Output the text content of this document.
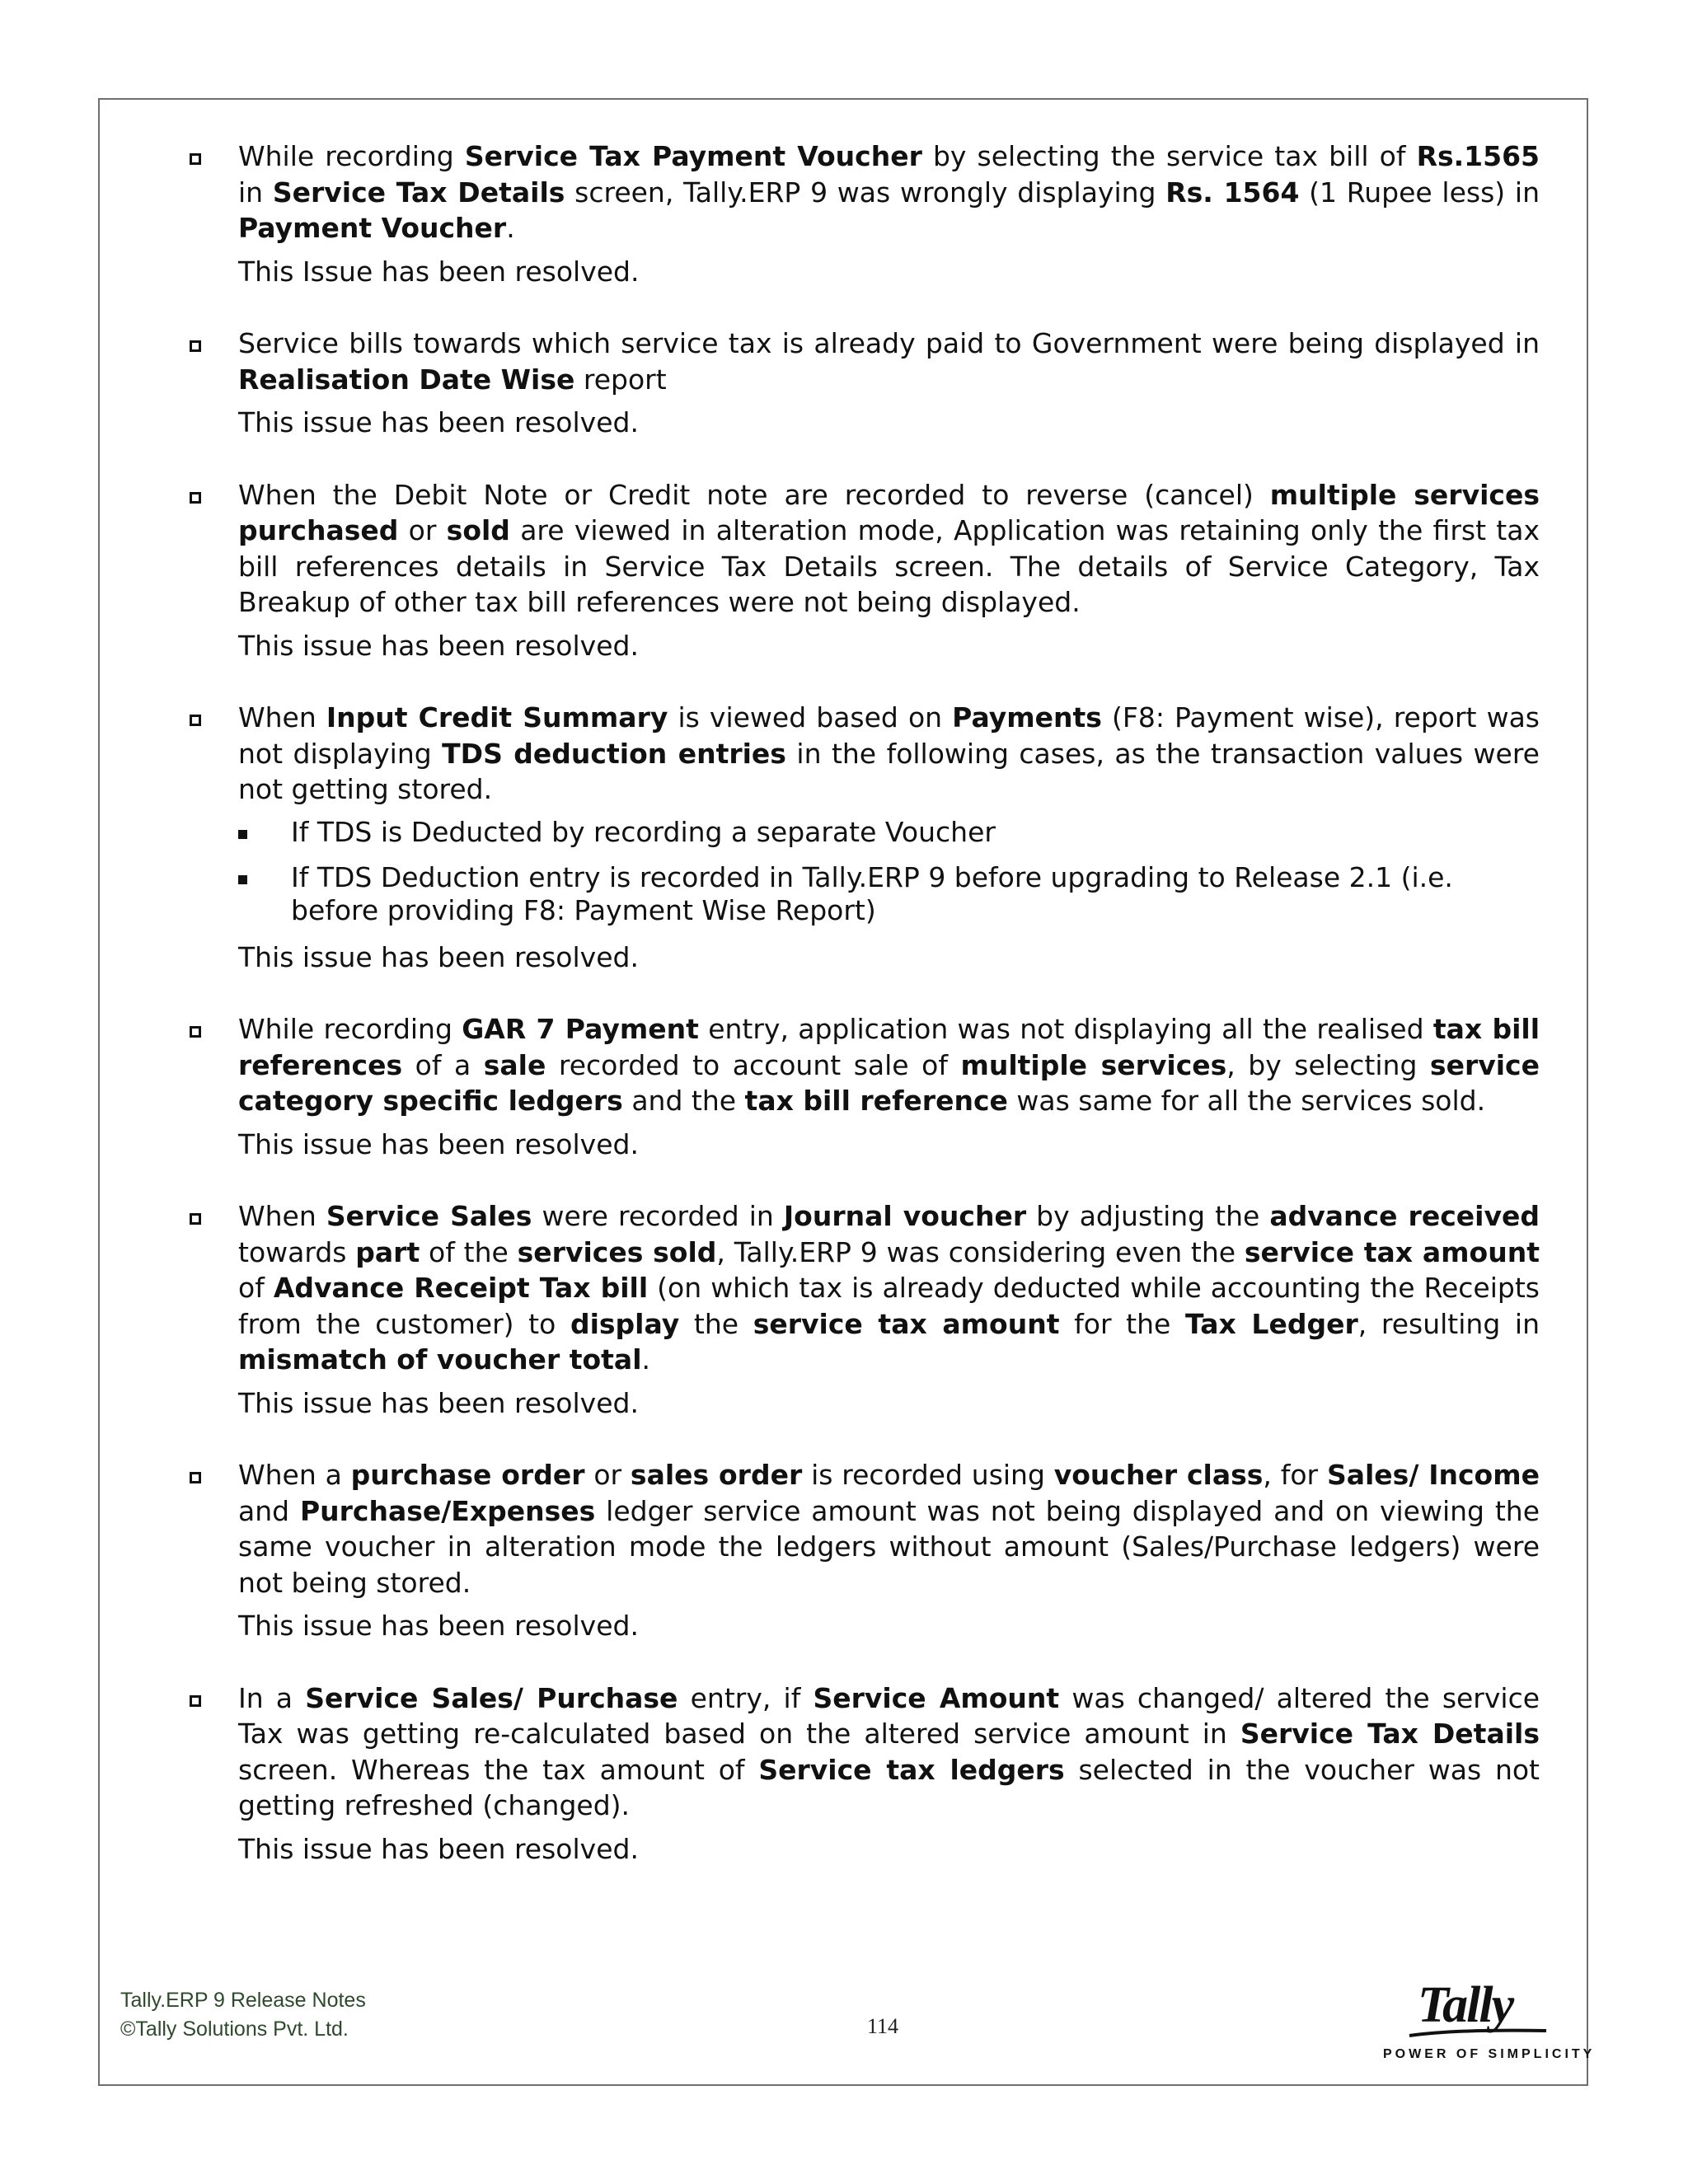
While recording Service Tax Payment Voucher by selecting the service tax bill of Rs.1565 in Service Tax Details screen, Tally.ERP 9 was wrongly displaying Rs. 1564 (1 Rupee less) in Payment Voucher.

This Issue has been resolved.

Service bills towards which service tax is already paid to Government were being displayed in Realisation Date Wise report

This issue has been resolved.

When the Debit Note or Credit note are recorded to reverse (cancel) multiple services purchased or sold are viewed in alteration mode, Application was retaining only the first tax bill references details in Service Tax Details screen. The details of Service Category, Tax Breakup of other tax bill references were not being displayed.

This issue has been resolved.

When Input Credit Summary is viewed based on Payments (F8: Payment wise), report was not displaying TDS deduction entries in the following cases, as the transaction values were not getting stored.

If TDS is Deducted by recording a separate Voucher
If TDS Deduction entry is recorded in Tally.ERP 9 before upgrading to Release 2.1 (i.e. before providing F8: Payment Wise Report)

This issue has been resolved.

While recording GAR 7 Payment entry, application was not displaying all the realised tax bill references of a sale recorded to account sale of multiple services, by selecting service category specific ledgers and the tax bill reference was same for all the services sold.

This issue has been resolved.

When Service Sales were recorded in Journal voucher by adjusting the advance received towards part of the services sold, Tally.ERP 9 was considering even the service tax amount of Advance Receipt Tax bill (on which tax is already deducted while accounting the Receipts from the customer) to display the service tax amount for the Tax Ledger, resulting in mismatch of voucher total.

This issue has been resolved.

When a purchase order or sales order is recorded using voucher class, for Sales/ Income and Purchase/Expenses ledger service amount was not being displayed and on viewing the same voucher in alteration mode the ledgers without amount (Sales/Purchase ledgers) were not being stored.

This issue has been resolved.

In a Service Sales/ Purchase entry, if Service Amount was changed/ altered the service Tax was getting re-calculated based on the altered service amount in Service Tax Details screen. Whereas the tax amount of Service tax ledgers selected in the voucher was not getting refreshed (changed).

This issue has been resolved.

Tally.ERP 9 Release Notes
©Tally Solutions Pvt. Ltd.	114	Tally
POWER OF SIMPLICITY
